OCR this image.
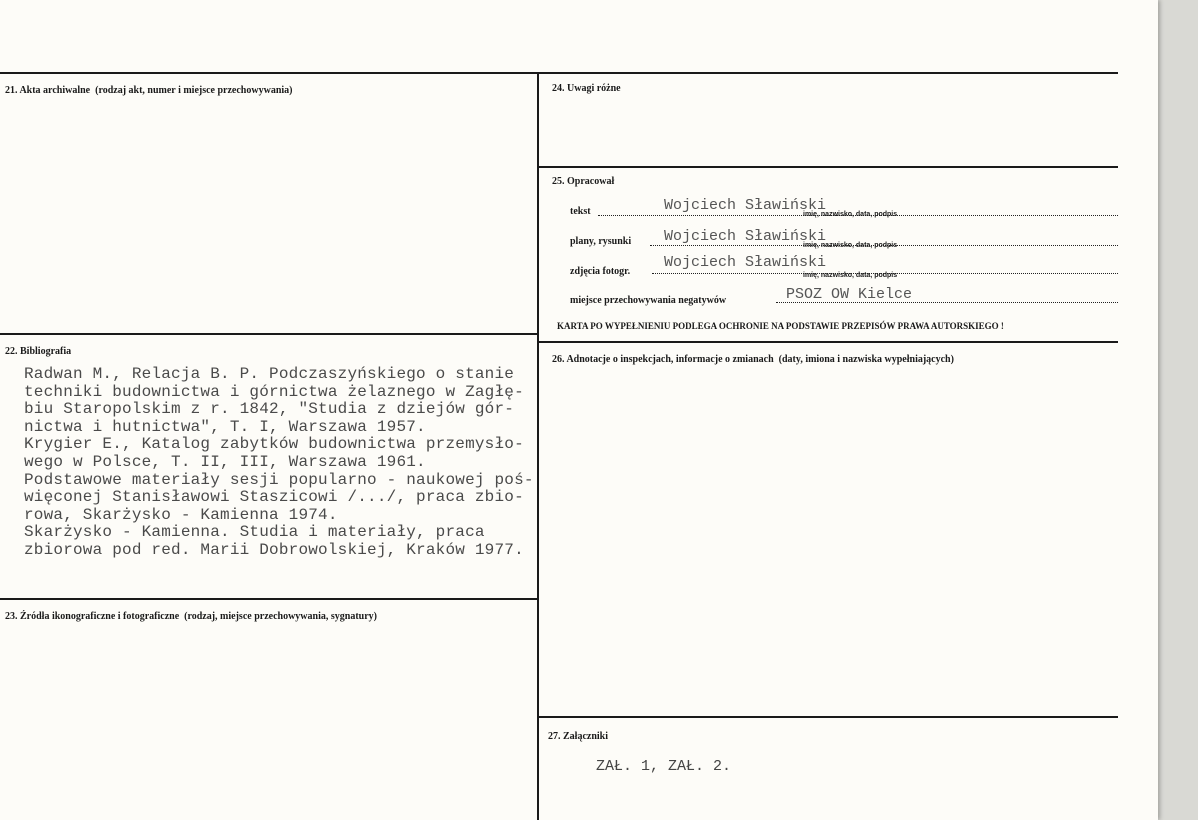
21. Akta archiwalne (rodzaj akt, numer i miejsce przechowywania)
22. Bibliografia
Radwan M., Relacja B. P. Podczaszyńskiego o stanie
techniki budownictwa i górnictwa żelaznego w Zagłę-
biu Staropolskim z r. 1842, "Studia z dziejów gór-
nictwa i hutnictwa", T. I, Warszawa 1957.
Krygier E., Katalog zabytków budownictwa przemysło-
wego w Polsce, T. II, III, Warszawa 1961.
Podstawowe materiały sesji popularno - naukowej poś-
więconej Stanisławowi Staszicowi /.../, praca zbio-
rowa, Skarżysko - Kamienna 1974.
Skarżysko - Kamienna. Studia i materiały, praca
zbiorowa pod red. Marii Dobrowolskiej, Kraków 1977.
23. Źródła ikonograficzne i fotograficzne (rodzaj, miejsce przechowywania, sygnatury)
24. Uwagi różne
25. Opracował
tekst	Wojciech Sławiński
imię, nazwisko, data, podpis
plany, rysunki Wojciech Sławiński
imię, nazwisko, data, podpis
zdjęcia fotogr.
Wojciech Sławiński
imię, nazwisko, data, podpis
miejsce przechowywania negatywów	PSOZ OW Kielce
KARTA PO WYPEŁNIENIU PODLEGA OCHRONIE NA PODSTAWIE PRZEPISÓW PRAWA AUTORSKIEGO !
26. Adnotacje o inspekcjach, informacje o zmianach (daty, imiona i nazwiska wypełniających)
27. Załączniki
ZAŁ. 1, ZAŁ. 2.
